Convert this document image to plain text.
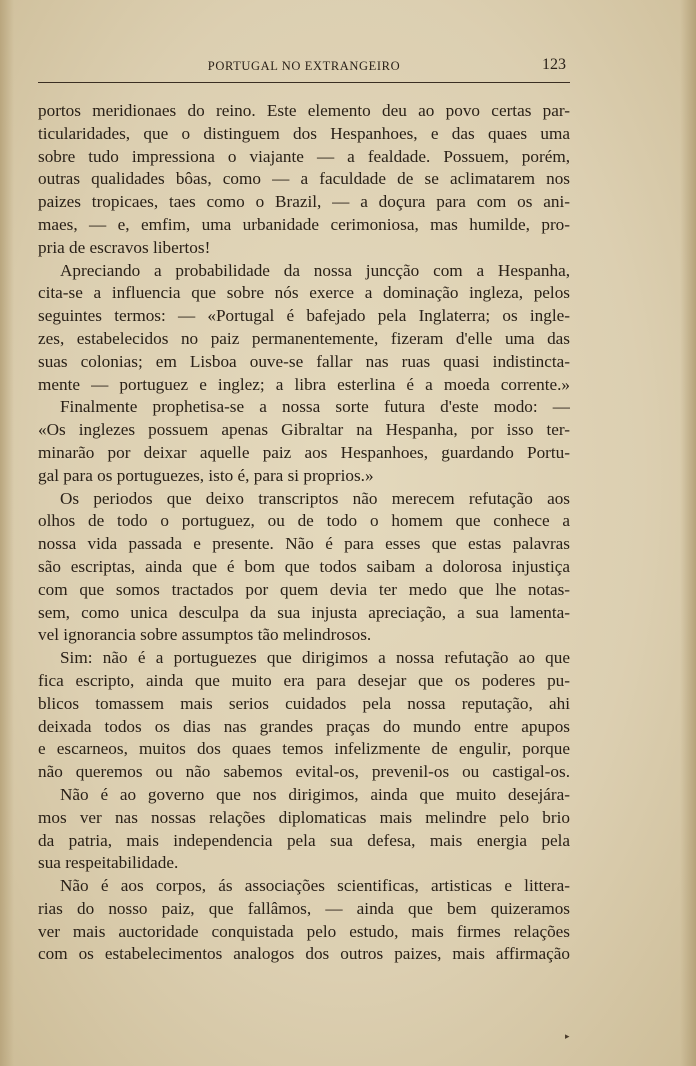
PORTUGAL NO EXTRANGEIRO	123
portos meridionaes do reino. Este elemento deu ao povo certas par-
ticularidades, que o distinguem dos Hespanhoes, e das quaes uma
sobre tudo impressiona o viajante — a fealdade. Possuem, porém,
outras qualidades bôas, como — a faculdade de se aclimatarem nos
paizes tropicaes, taes como o Brazil, — a doçura para com os ani-
maes, — e, emfim, uma urbanidade cerimoniosa, mas humilde, pro-
pria de escravos libertos!
Apreciando a probabilidade da nossa juncção com a Hespanha,
cita-se a influencia que sobre nós exerce a dominação ingleza, pelos
seguintes termos: — «Portugal é bafejado pela Inglaterra; os ingle-
zes, estabelecidos no paiz permanentemente, fizeram d'elle uma das
suas colonias; em Lisboa ouve-se fallar nas ruas quasi indistincta-
mente — portuguez e inglez; a libra esterlina é a moeda corrente.»
Finalmente prophetisa-se a nossa sorte futura d'este modo: —
«Os inglezes possuem apenas Gibraltar na Hespanha, por isso ter-
minarão por deixar aquelle paiz aos Hespanhoes, guardando Portu-
gal para os portuguezes, isto é, para si proprios.»
Os periodos que deixo transcriptos não merecem refutação aos
olhos de todo o portuguez, ou de todo o homem que conhece a
nossa vida passada e presente. Não é para esses que estas palavras
são escriptas, ainda que é bom que todos saibam a dolorosa injustiça
com que somos tractados por quem devia ter medo que lhe notas-
sem, como unica desculpa da sua injusta apreciação, a sua lamenta-
vel ignorancia sobre assumptos tão melindrosos.
Sim: não é a portuguezes que dirigimos a nossa refutação ao que
fica escripto, ainda que muito era para desejar que os poderes pu-
blicos tomassem mais serios cuidados pela nossa reputação, ahi
deixada todos os dias nas grandes praças do mundo entre apupos
e escarneos, muitos dos quaes temos infelizmente de engulir, porque
não queremos ou não sabemos evital-os, prevenil-os ou castigal-os.
Não é ao governo que nos dirigimos, ainda que muito desejára-
mos ver nas nossas relações diplomaticas mais melindre pelo brio
da patria, mais independencia pela sua defesa, mais energia pela
sua respeitabilidade.
Não é aos corpos, ás associações scientificas, artisticas e littera-
rias do nosso paiz, que fallâmos, — ainda que bem quizeramos
ver mais auctoridade conquistada pelo estudo, mais firmes relações
com os estabelecimentos analogos dos outros paizes, mais affirmação
▸
